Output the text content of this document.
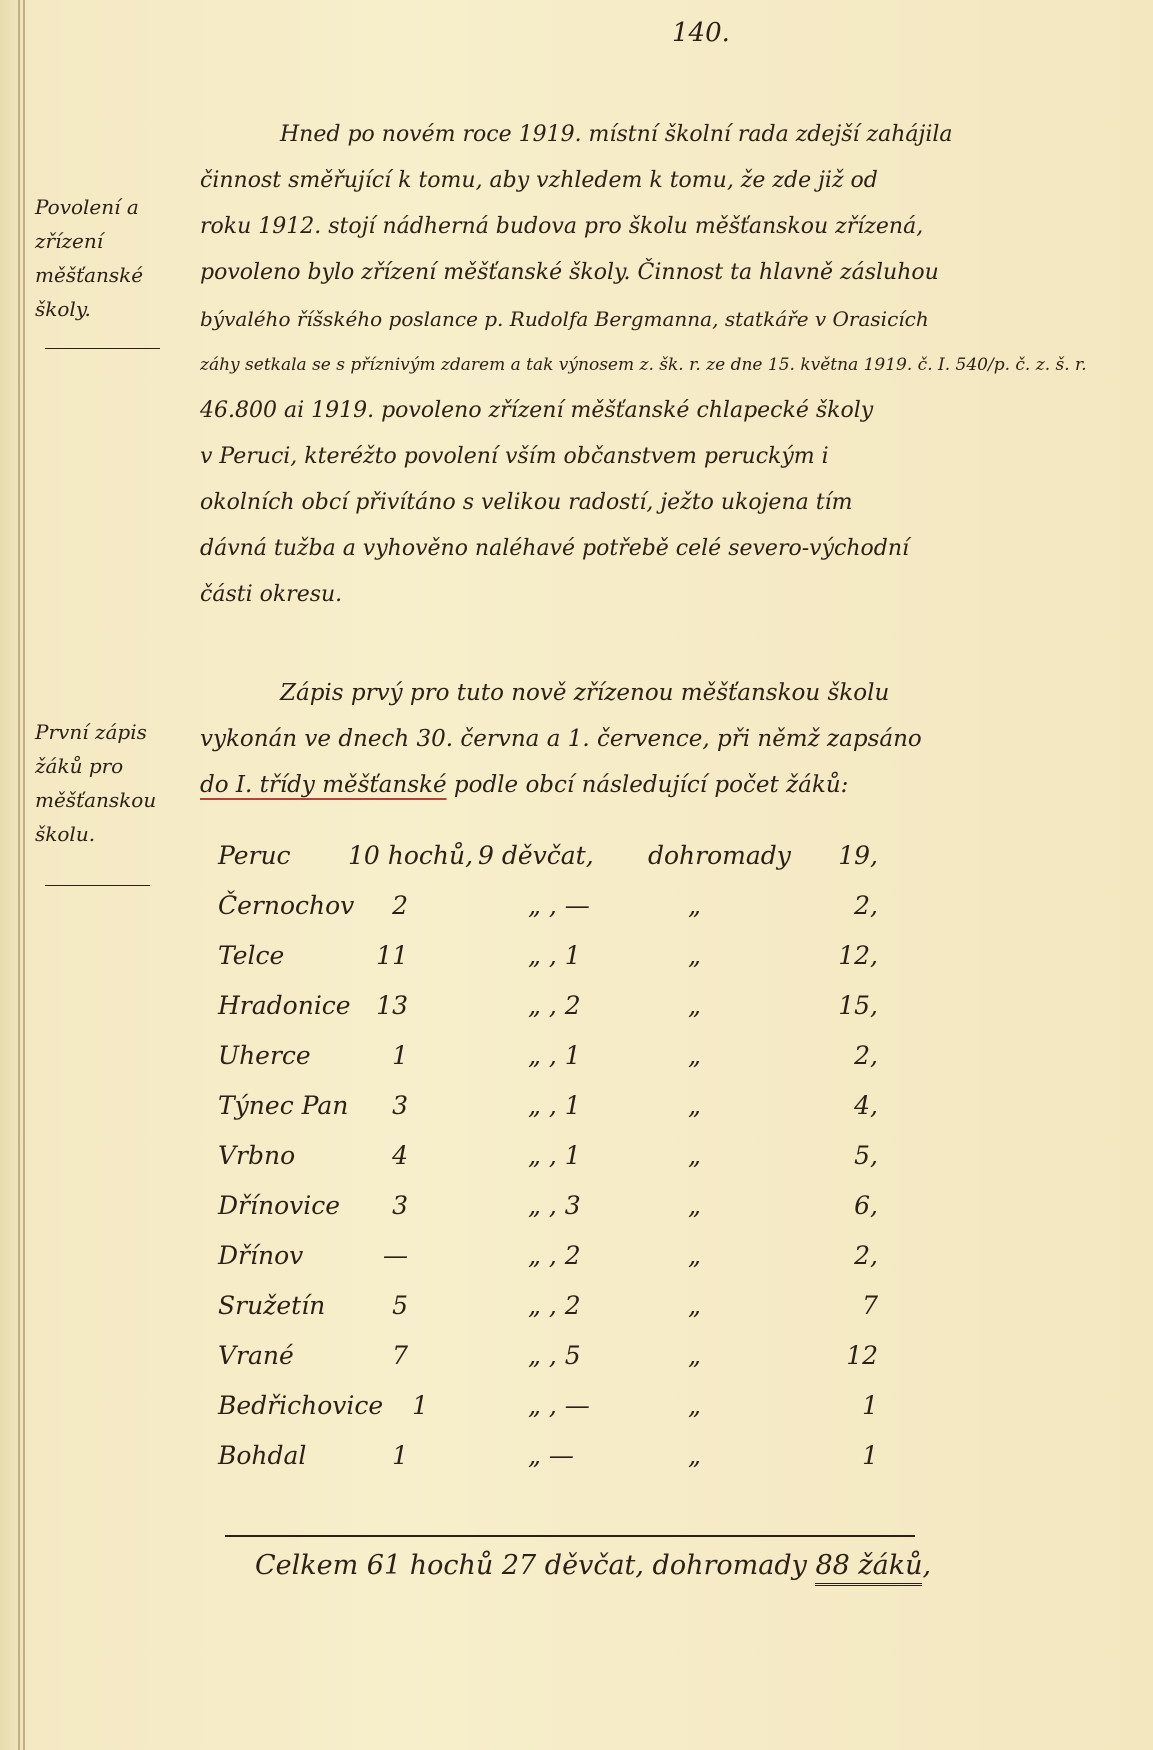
140.
Povolení a
zřízení
měšťanské
školy.
První zápis
žáků pro
měšťanskou
školu.
Hned po novém roce 1919. místní školní rada zdejší zahájila
činnost směřující k tomu, aby vzhledem k tomu, že zde již od
roku 1912. stojí nádherná budova pro školu měšťanskou zřízená,
povoleno bylo zřízení měšťanské školy. Činnost ta hlavně zásluhou
bývalého říšského poslance p. Rudolfa Bergmanna, statkáře v Orasicích
záhy setkala se s příznivým zdarem a tak výnosem z. šk. r. ze dne 15. května 1919. č. I. 540/p. č. z. š. r.
46.800 ai 1919. povoleno zřízení měšťanské chlapecké školy
v Peruci, kteréžto povolení vším občanstvem peruckým i
okolních obcí přivítáno s velikou radostí, ježto ukojena tím
dávná tužba a vyhověno naléhavé potřebě celé severo-východní
části okresu.
Zápis prvý pro tuto nově zřízenou měšťanskou školu
vykonán ve dnech 30. června a 1. července, při němž zapsáno
do I. třídy měšťanské podle obcí následující počet žáků:
Peruc 10 hochů, 9 děvčat, dohromady	19,
Černochov	2	„ , —	„	2,
Telce	11	„ , 1	„	12,
Hradonice	13	„ , 2	„	15,
Uherce	1	„ , 1	„	2,
Týnec Pan	3	„ , 1	„	4,
Vrbno	4	„ , 1	„	5,
Dřínovice	3	„ , 3	„	6,
Dřínov	—	„ , 2	„	2,
Sružetín	5	„ , 2	„	7
Vrané	7	„ , 5	„	12
Bedřichovice	1	„ , —	„	1
Bohdal	1	„ —	„	1
Celkem 61 hochů 27 děvčat, dohromady 88 žáků,
